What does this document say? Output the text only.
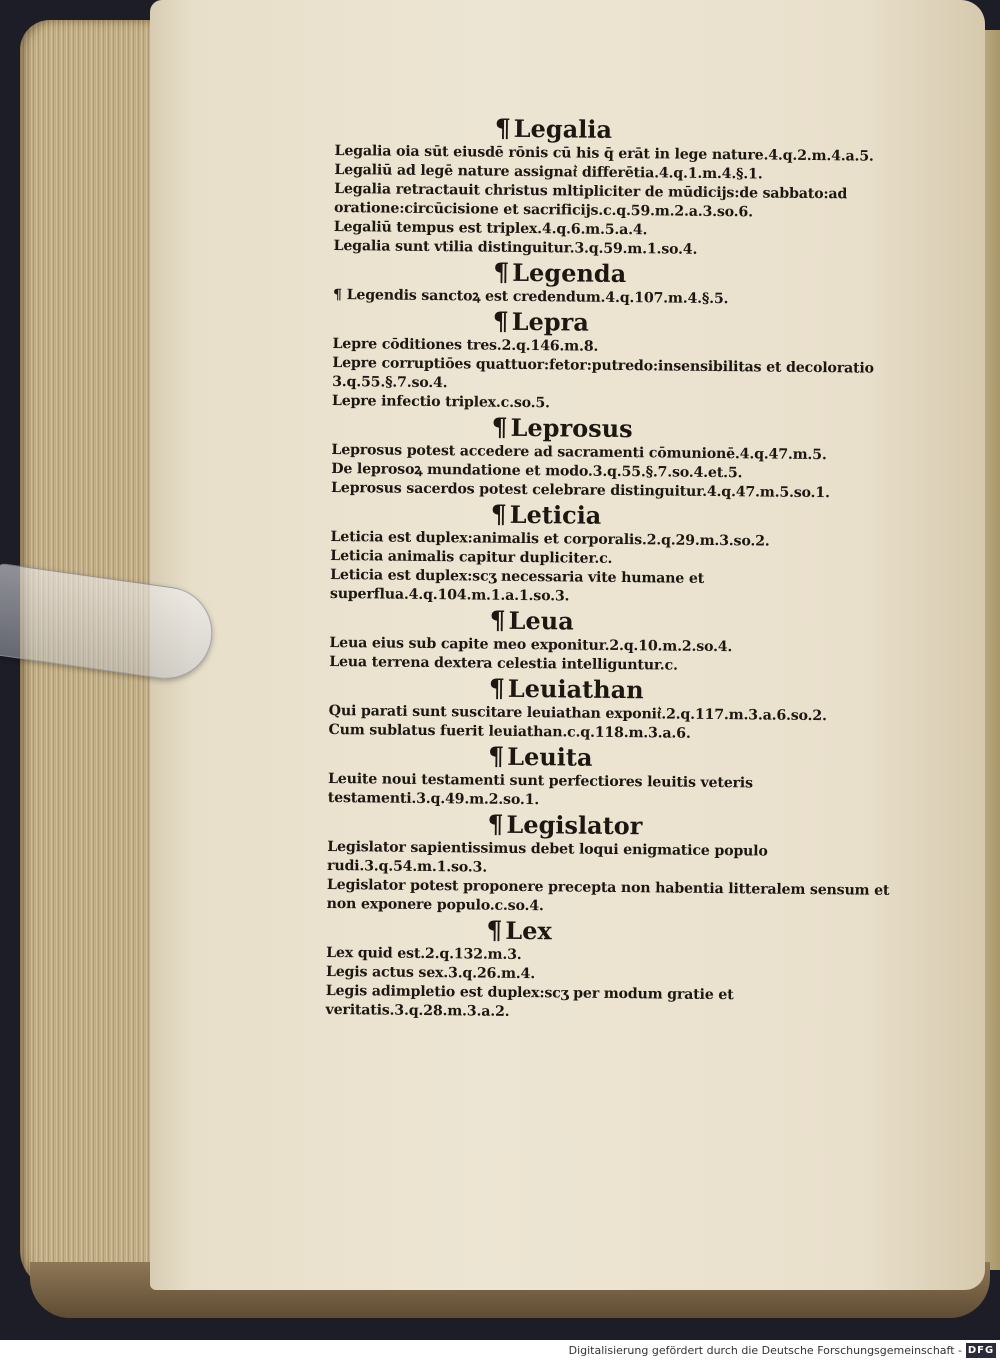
¶ Legalia
Legalia oia sūt eiusdē rōnis cū his q̄ erāt in lege nature.4.q.2.m.4.a.5.
Legaliū ad legē nature assignat͛ differētia.4.q.1.m.4.§.1.
Legalia retractauit christus mltipliciter de mūdicijs:de sabbato:ad oratione:circūcisione et sacrificijs.c.q.59.m.2.a.3.so.6.
Legaliū tempus est triplex.4.q.6.m.5.a.4.
Legalia sunt vtilia distinguitur.3.q.59.m.1.so.4.
¶ Legenda
¶ Legendis sanctoꝝ est credendum.4.q.107.m.4.§.5.
¶ Lepra
Lepre cōditiones tres.2.q.146.m.8.
Lepre corruptiōes quattuor:fetor:putredo:insensibilitas et decoloratio 3.q.55.§.7.so.4.
Lepre infectio triplex.c.so.5.
¶ Leprosus
Leprosus potest accedere ad sacramenti cōmunionē.4.q.47.m.5.
De leprosoꝝ mundatione et modo.3.q.55.§.7.so.4.et.5.
Leprosus sacerdos potest celebrare distinguitur.4.q.47.m.5.so.1.
¶ Leticia
Leticia est duplex:animalis et corporalis.2.q.29.m.3.so.2.
Leticia animalis capitur dupliciter.c.
Leticia est duplex:scʒ necessaria vite humane et superflua.4.q.104.m.1.a.1.so.3.
¶ Leua
Leua eius sub capite meo exponitur.2.q.10.m.2.so.4.
Leua terrena dextera celestia intelliguntur.c.
¶ Leuiathan
Qui parati sunt suscitare leuiathan exponit͛.2.q.117.m.3.a.6.so.2.
Cum sublatus fuerit leuiathan.c.q.118.m.3.a.6.
¶ Leuita
Leuite noui testamenti sunt perfectiores leuitis veteris testamenti.3.q.49.m.2.so.1.
¶ Legislator
Legislator sapientissimus debet loqui enigmatice populo rudi.3.q.54.m.1.so.3.
Legislator potest proponere precepta non habentia litteralem sensum et non exponere populo.c.so.4.
¶ Lex
Lex quid est.2.q.132.m.3.
Legis actus sex.3.q.26.m.4.
Legis adimpletio est duplex:scʒ per modum gratie et veritatis.3.q.28.m.3.a.2.
Digitalisierung gefördert durch die Deutsche Forschungsgemeinschaft - DFG
